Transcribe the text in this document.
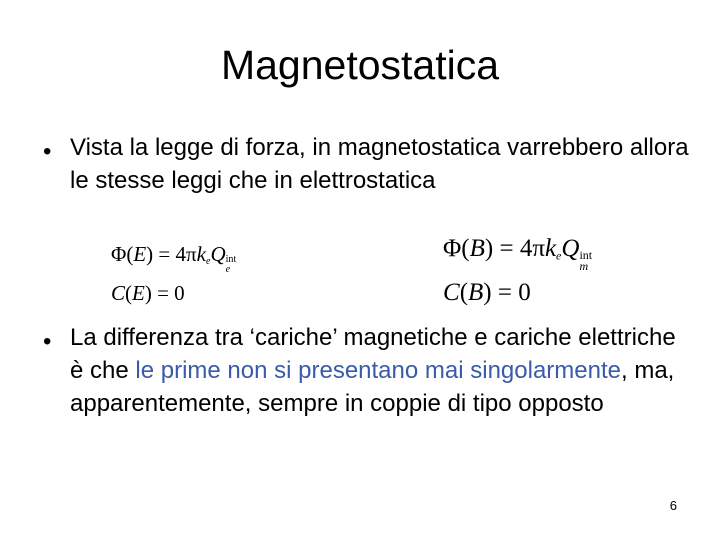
Magnetostatica
• Vista la legge di forza, in magnetostatica varrebbero allora le stesse leggi che in elettrostatica
$\Phi(E) = 4\pi k_eQ$ int
e
C(E) = 0
$\Phi(B) = 4\pi k_eQ$ int
m
C(B) = 0
• La differenza tra ‘cariche’ magnetiche e cariche elettriche è che le prime non si presentano mai singolarmente, ma, apparentemente, sempre in coppie di tipo opposto
6
